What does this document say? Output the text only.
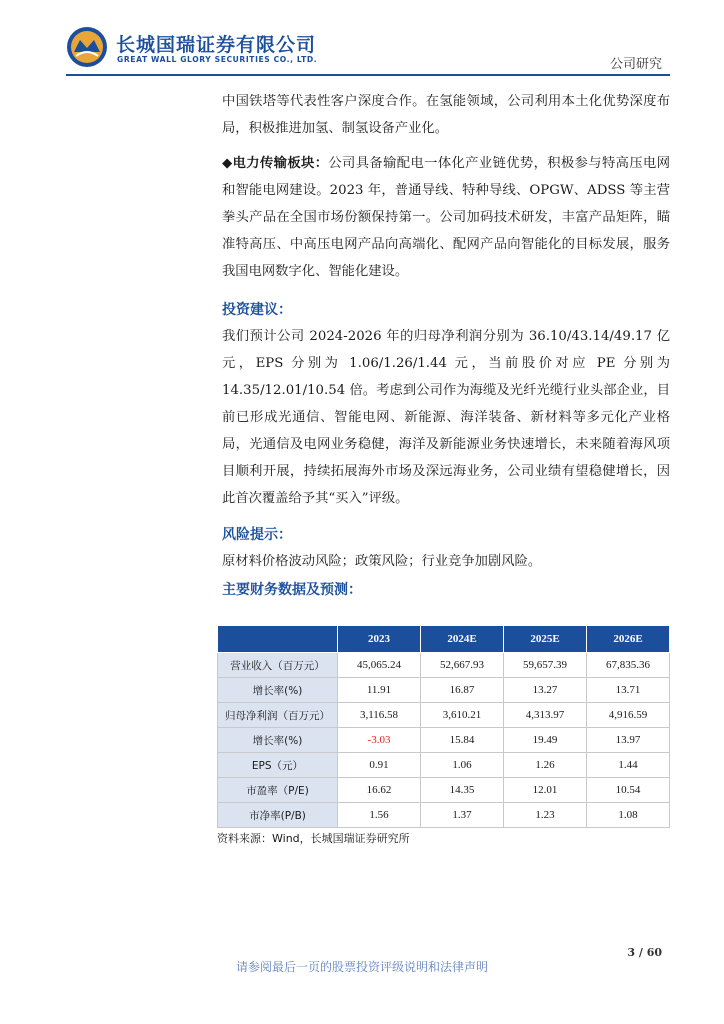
长城国瑞证券有限公司
GREAT WALL GLORY SECURITIES CO., LTD.	公司研究

中国铁塔等代表性客户深度合作。在氢能领域，公司利用本土化优势深度布局，积极推进加氢、制氢设备产业化。

◆电力传输板块：公司具备输配电一体化产业链优势，积极参与特高压电网和智能电网建设。2023 年，普通导线、特种导线、OPGW、ADSS 等主营拳头产品在全国市场份额保持第一。公司加码技术研发，丰富产品矩阵，瞄准特高压、中高压电网产品向高端化、配网产品向智能化的目标发展，服务我国电网数字化、智能化建设。

投资建议：

我们预计公司 2024-2026 年的归母净利润分别为 36.10/43.14/49.17 亿元，EPS 分别为 1.06/1.26/1.44 元，当前股价对应 PE 分别为 14.35/12.01/10.54 倍。考虑到公司作为海缆及光纤光缆行业头部企业，目前已形成光通信、智能电网、新能源、海洋装备、新材料等多元化产业格局，光通信及电网业务稳健，海洋及新能源业务快速增长，未来随着海风项目顺利开展，持续拓展海外市场及深远海业务，公司业绩有望稳健增长，因此首次覆盖给予其“买入”评级。

风险提示：

原材料价格波动风险；政策风险；行业竞争加剧风险。

主要财务数据及预测：
	2023	2024E	2025E	2026E
营业收入（百万元）	45,065.24	52,667.93	59,657.39	67,835.36
增长率(%)	11.91	16.87	13.27	13.71
归母净利润（百万元）	3,116.58	3,610.21	4,313.97	4,916.59
增长率(%)	-3.03	15.84	19.49	13.97
EPS（元）	0.91	1.06	1.26	1.44
市盈率（P/E)	16.62	14.35	12.01	10.54
市净率(P/B)	1.56	1.37	1.23	1.08
资料来源：Wind，长城国瑞证券研究所
3 / 60
请参阅最后一页的股票投资评级说明和法律声明
